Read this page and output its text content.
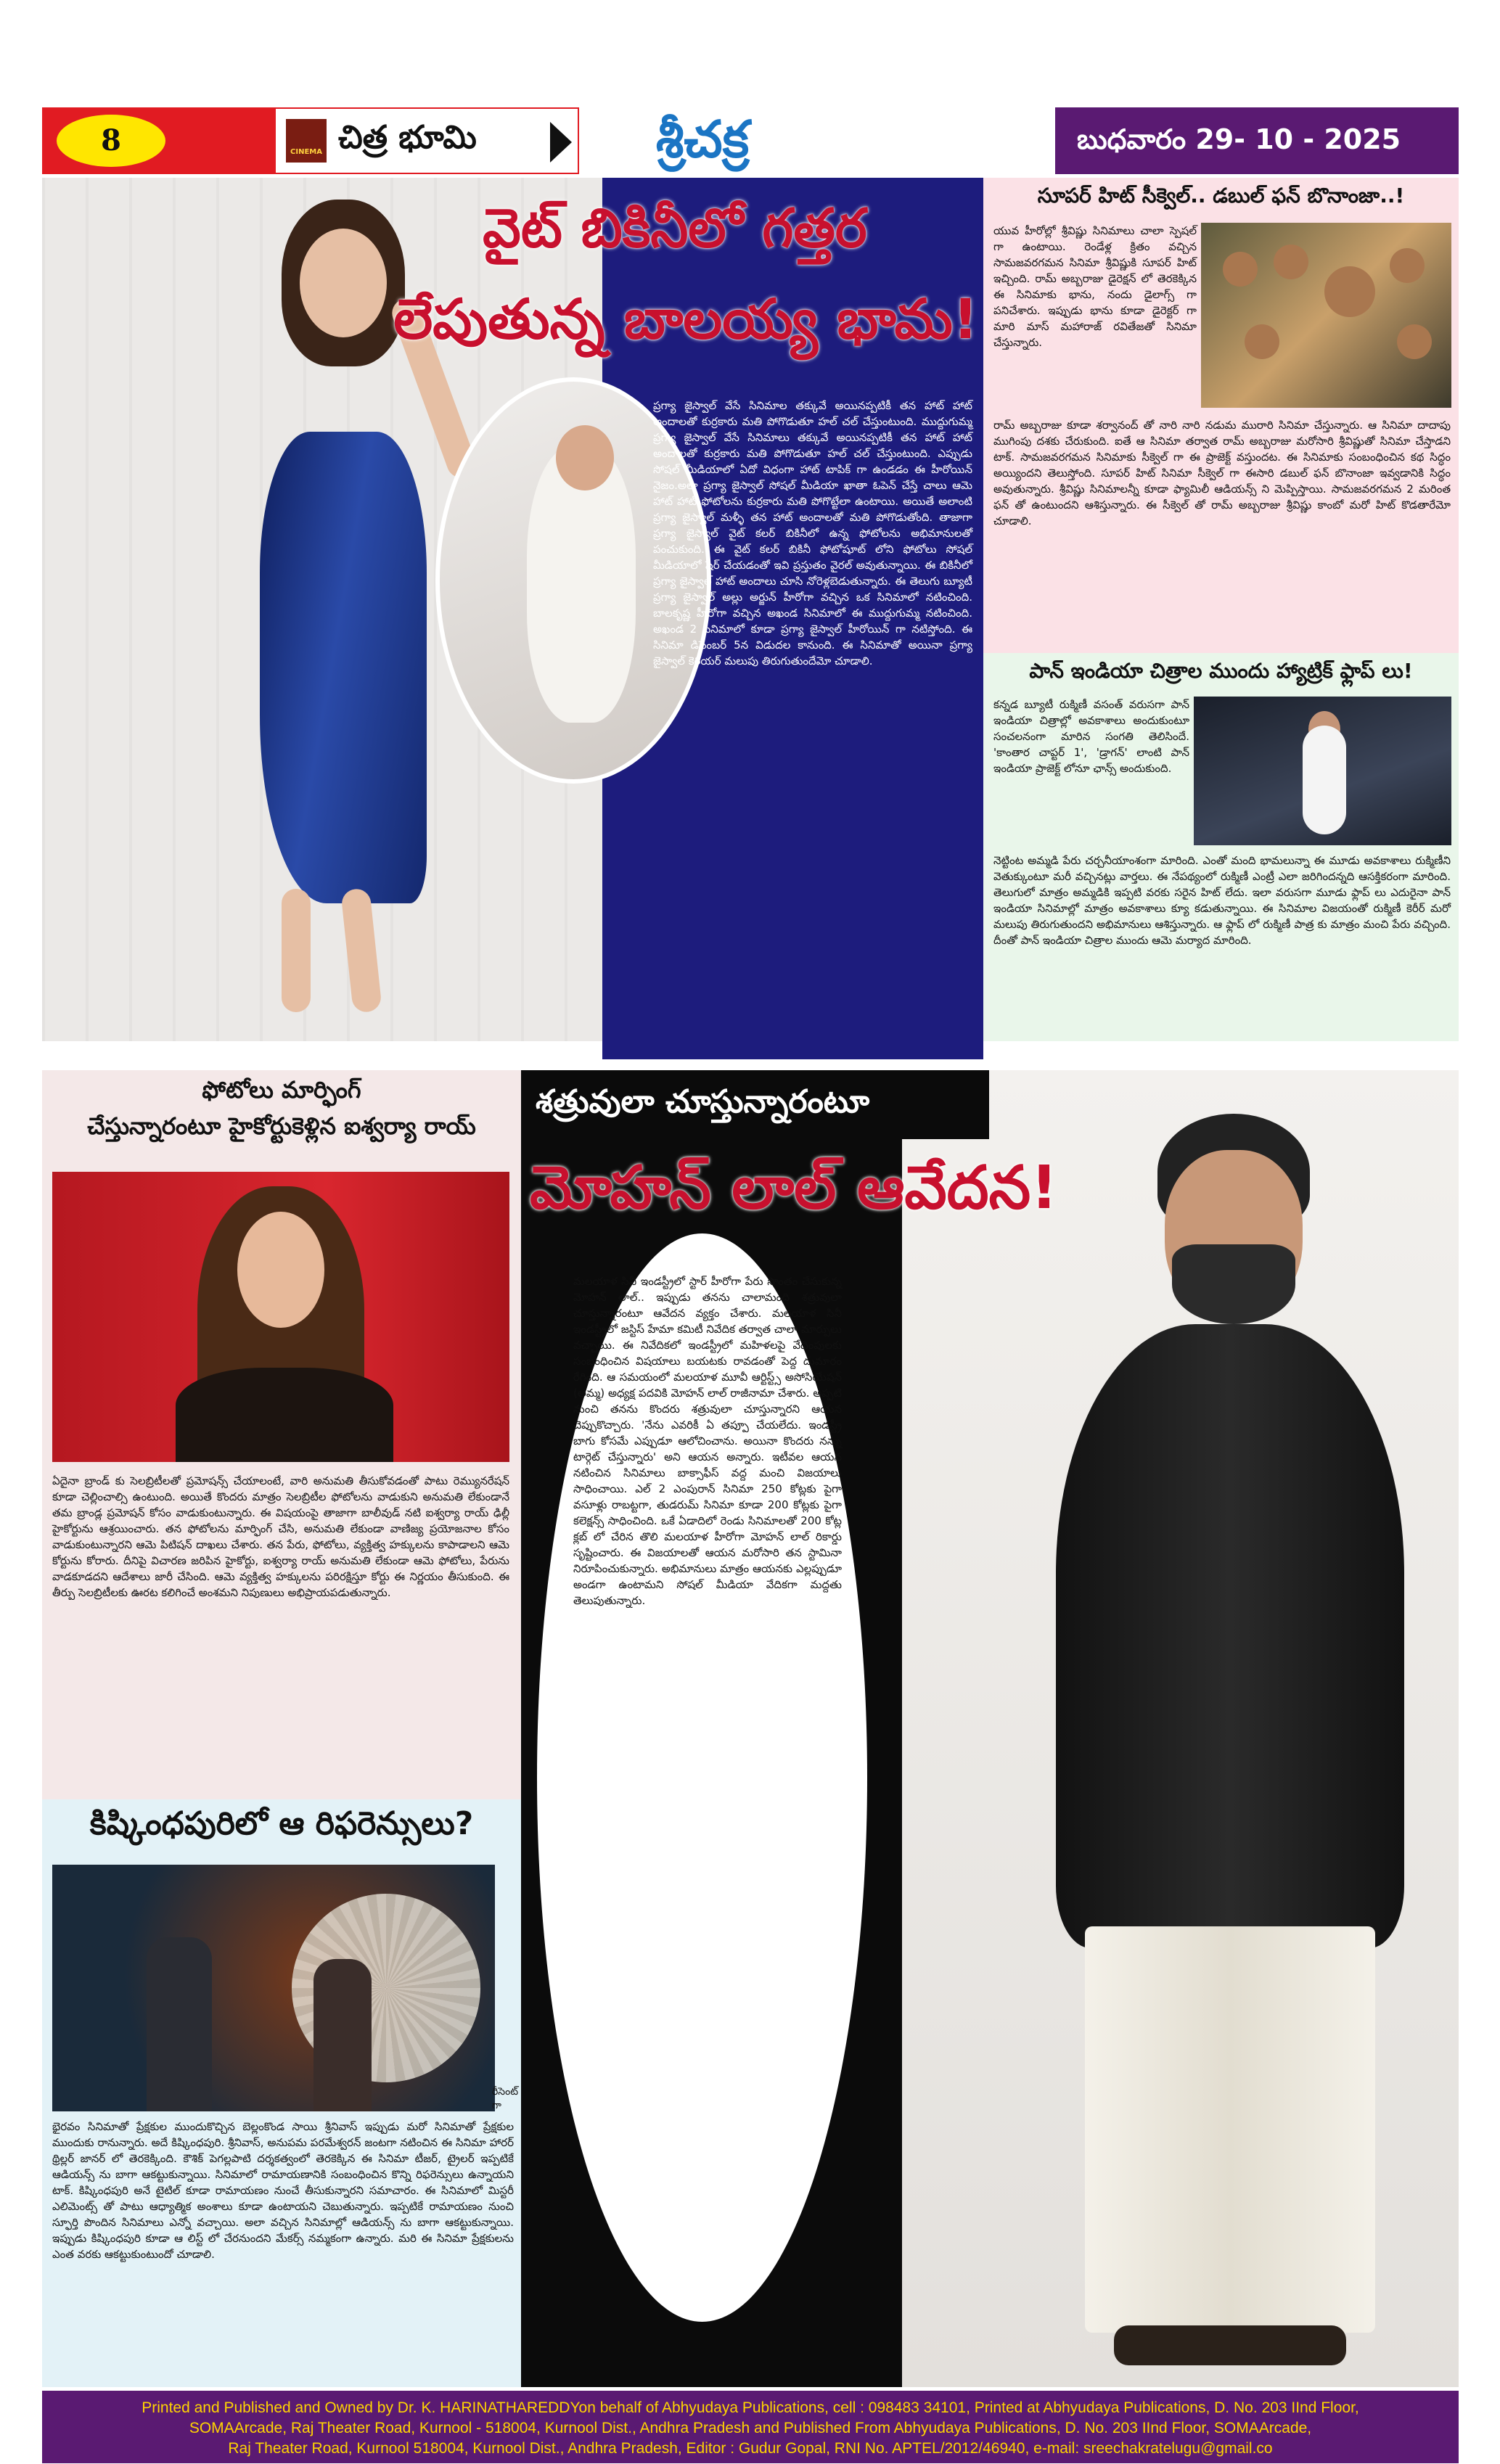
8	CINEMA చిత్ర భూమి	శ్రీచక్ర	బుధవారం 29- 10 - 2025
వైట్ బికినీలో గత్తర
లేపుతున్న బాలయ్య భామ!
ప్రగ్యా జైస్వాల్ వేసే సినిమాల తక్కువే అయినప్పటికీ తన హాట్ హాట్ అందాలతో కుర్రకారు మతి పోగొడుతూ హల్ చల్ చేస్తుంటుంది. ముద్దుగుమ్మ ప్రగ్యా జైస్వాల్ వేసే సినిమాలు తక్కువే అయినప్పటికీ తన హాట్ హాట్ అందాలతో కుర్రకారు మతి పోగొడుతూ హల్ చల్ చేస్తుంటుంది. ఎప్పుడు సోషల్ మీడియాలో ఏదో విధంగా హాట్ టాపిక్ గా ఉండడం ఈ హీరోయిన్ నైజం.అలా ప్రగ్యా జైస్వాల్ సోషల్ మీడియా ఖాతా ఓపెన్ చేస్తే చాలు ఆమె హాట్ హాట్ ఫోటోలను కుర్రకారు మతి పోగొట్టేలా ఉంటాయి. అయితే అలాంటి ప్రగ్యా జైస్వాల్ మళ్ళీ తన హాట్ అందాలతో మతి పోగొడుతోంది. తాజాగా ప్రగ్యా జైస్వాల్ వైట్ కలర్ బికినీలో ఉన్న ఫోటోలను అభిమానులతో పంచుకుంది. ఈ వైట్ కలర్ బికినీ ఫోటోషూట్ లోని ఫోటోలు సోషల్ మీడియాలో షేర్ చేయడంతో ఇవి ప్రస్తుతం వైరల్ అవుతున్నాయి. ఈ బికినీలో ప్రగ్యా జైస్వాల్ హాట్ అందాలు చూసి నోరెళ్లబెడుతున్నారు. ఈ తెలుగు బ్యూటీ ప్రగ్యా జైస్వాల్ అల్లు అర్జున్ హీరోగా వచ్చిన ఒక సినిమాలో నటించింది. బాలకృష్ణ హీరోగా వచ్చిన అఖండ సినిమాలో ఈ ముద్దుగుమ్మ నటించింది. అఖండ 2 సినిమాలో కూడా ప్రగ్యా జైస్వాల్ హీరోయిన్ గా నటిస్తోంది. ఈ సినిమా డిసెంబర్ 5న విడుదల కానుంది. ఈ సినిమాతో అయినా ప్రగ్యా జైస్వాల్ కెరియర్ మలుపు తిరుగుతుందేమో చూడాలి.
సూపర్ హిట్ సీక్వెల్.. డబుల్ ఫన్ బొనాంజా..!
యువ హీరోల్లో శ్రీవిష్ణు సినిమాలు చాలా స్పెషల్ గా ఉంటాయి. రెండేళ్ల క్రితం వచ్చిన సామజవరగమన సినిమా శ్రీవిష్ణుకి సూపర్ హిట్ ఇచ్చింది. రామ్ అబ్బరాజు డైరెక్షన్ లో తెరకెక్కిన ఈ సినిమాకు భాను, నందు డైలాగ్స్ గా పనిచేశారు. ఇప్పుడు భాను కూడా డైరెక్టర్ గా మారి మాస్ మహారాజ్ రవితేజతో సినిమా చేస్తున్నారు.
రామ్ అబ్బరాజు కూడా శర్వానంద్ తో నారి నారి నడుమ మురారి సినిమా చేస్తున్నారు. ఆ సినిమా దాదాపు ముగింపు దశకు చేరుకుంది. ఐతే ఆ సినిమా తర్వాత రామ్ అబ్బరాజు మరోసారి శ్రీవిష్ణుతో సినిమా చేస్తాడని టాక్. సామజవరగమన సినిమాకు సీక్వెల్ గా ఈ ప్రాజెక్ట్ వస్తుందట. ఈ సినిమాకు సంబంధించిన కథ సిద్ధం అయ్యిందని తెలుస్తోంది. సూపర్ హిట్ సినిమా సీక్వెల్ గా ఈసారి డబుల్ ఫన్ బొనాంజా ఇవ్వడానికి సిద్ధం అవుతున్నారు. శ్రీవిష్ణు సినిమాలన్నీ కూడా ఫ్యామిలీ ఆడియన్స్ ని మెప్పిస్తాయి. సామజవరగమన 2 మరింత ఫన్ తో ఉంటుందని ఆశిస్తున్నారు. ఈ సీక్వెల్ తో రామ్ అబ్బరాజు శ్రీవిష్ణు కాంబో మరో హిట్ కొడతారేమో చూడాలి.
పాన్ ఇండియా చిత్రాల ముందు హ్యాట్రిక్ ఫ్లాప్ లు!
కన్నడ బ్యూటీ రుక్మిణీ వసంత్ వరుసగా పాన్ ఇండియా చిత్రాల్లో అవకాశాలు అందుకుంటూ సంచలనంగా మారిన సంగతి తెలిసిందే. 'కాంతార చాప్టర్ 1', 'డ్రాగన్' లాంటి పాన్ ఇండియా ప్రాజెక్ట్ లోనూ ఛాన్స్ అందుకుంది.
నెట్టింట అమ్మడి పేరు చర్చనీయాంశంగా మారింది. ఎంతో మంది భామలున్నా ఈ మూడు అవకాశాలు రుక్మిణీని వెతుక్కుంటూ మరీ వచ్చినట్లు వార్తలు. ఈ నేపథ్యంలో రుక్మిణీ ఎంట్రీ ఎలా జరిగిందన్నది ఆసక్తికరంగా మారింది. తెలుగులో మాత్రం అమ్మడికి ఇప్పటి వరకు సరైన హిట్ లేదు. ఇలా వరుసగా మూడు ఫ్లాప్ లు ఎదురైనా పాన్ ఇండియా సినిమాల్లో మాత్రం అవకాశాలు క్యూ కడుతున్నాయి. ఈ సినిమాల విజయంతో రుక్మిణీ కెరీర్ మరో మలుపు తిరుగుతుందని అభిమానులు ఆశిస్తున్నారు. ఆ ఫ్లాప్ లో రుక్మిణీ పాత్ర కు మాత్రం మంచి పేరు వచ్చింది. దీంతో పాన్ ఇండియా చిత్రాల ముందు ఆమె మర్యాద మారింది.
ఫోటోలు మార్ఫింగ్
చేస్తున్నారంటూ హైకోర్టుకెళ్లిన ఐశ్వర్యా రాయ్
ఏదైనా బ్రాండ్ కు సెలబ్రిటీలతో ప్రమోషన్స్ చేయాలంటే, వారి అనుమతి తీసుకోవడంతో పాటు రెమ్యునరేషన్ కూడా చెల్లించాల్సి ఉంటుంది. అయితే కొందరు మాత్రం సెలబ్రిటీల ఫోటోలను వాడుకుని అనుమతి లేకుండానే తమ బ్రాండ్ల ప్రమోషన్ కోసం వాడుకుంటున్నారు. ఈ విషయంపై తాజాగా బాలీవుడ్ నటి ఐశ్వర్యా రాయ్ ఢిల్లీ హైకోర్టును ఆశ్రయించారు. తన ఫోటోలను మార్ఫింగ్ చేసి, అనుమతి లేకుండా వాణిజ్య ప్రయోజనాల కోసం వాడుకుంటున్నారని ఆమె పిటిషన్ దాఖలు చేశారు. తన పేరు, ఫోటోలు, వ్యక్తిత్వ హక్కులను కాపాడాలని ఆమె కోర్టును కోరారు. దీనిపై విచారణ జరిపిన హైకోర్టు, ఐశ్వర్యా రాయ్ అనుమతి లేకుండా ఆమె ఫోటోలు, పేరును వాడకూడదని ఆదేశాలు జారీ చేసింది. ఆమె వ్యక్తిత్వ హక్కులను పరిరక్షిస్తూ కోర్టు ఈ నిర్ణయం తీసుకుంది. ఈ తీర్పు సెలబ్రిటీలకు ఊరట కలిగించే అంశమని నిపుణులు అభిప్రాయపడుతున్నారు.
కిష్కింధపురిలో ఆ రిఫరెన్సులు?
రీసెంట్ గా
భైరవం సినిమాతో ప్రేక్షకుల ముందుకొచ్చిన బెల్లంకొండ సాయి శ్రీనివాస్ ఇప్పుడు మరో సినిమాతో ప్రేక్షకుల ముందుకు రానున్నారు. అదే కిష్కింధపురి. శ్రీనివాస్, అనుపమ పరమేశ్వరన్ జంటగా నటించిన ఈ సినిమా హారర్ థ్రిల్లర్ జానర్ లో తెరకెక్కింది. కౌశిక్ పెగల్లపాటి దర్శకత్వంలో తెరకెక్కిన ఈ సినిమా టీజర్, ట్రైలర్ ఇప్పటికే ఆడియన్స్ ను బాగా ఆకట్టుకున్నాయి. సినిమాలో రామాయణానికి సంబంధించిన కొన్ని రిఫరెన్సులు ఉన్నాయని టాక్. కిష్కింధపురి అనే టైటిల్ కూడా రామాయణం నుంచే తీసుకున్నారని సమాచారం. ఈ సినిమాలో మిస్టరీ ఎలిమెంట్స్ తో పాటు ఆధ్యాత్మిక అంశాలు కూడా ఉంటాయని చెబుతున్నారు. ఇప్పటికే రామాయణం నుంచి స్ఫూర్తి పొందిన సినిమాలు ఎన్నో వచ్చాయి. అలా వచ్చిన సినిమాల్లో ఆడియన్స్ ను బాగా ఆకట్టుకున్నాయి. ఇప్పుడు కిష్కింధపురి కూడా ఆ లిస్ట్ లో చేరనుందని మేకర్స్ నమ్మకంగా ఉన్నారు. మరి ఈ సినిమా ప్రేక్షకులను ఎంత వరకు ఆకట్టుకుంటుందో చూడాలి.
శత్రువులా చూస్తున్నారంటూ
మోహన్ లాల్ ఆవేదన!
మలయాళ సినీ ఇండస్ట్రీలో స్టార్ హీరోగా పేరు సొంతం చేసుకున్న మోహన్ లాల్.. ఇప్పుడు తనను చాలామంది శత్రువులా చూస్తున్నారంటూ ఆవేదన వ్యక్తం చేశారు. మలయాళ సినీ ఇండస్ట్రీలో జస్టిస్ హేమా కమిటీ నివేదిక తర్వాత చాలా మార్పులు వచ్చాయి. ఈ నివేదికలో ఇండస్ట్రీలో మహిళలపై వేధింపులకు సంబంధించిన విషయాలు బయటకు రావడంతో పెద్ద దుమారం రేగింది. ఆ సమయంలో మలయాళ మూవీ ఆర్టిస్ట్స్ అసోసియేషన్ (అమ్మ) అధ్యక్ష పదవికి మోహన్ లాల్ రాజీనామా చేశారు. అప్పటి నుంచి తనను కొందరు శత్రువులా చూస్తున్నారని ఆయన చెప్పుకొచ్చారు. 'నేను ఎవరికీ ఏ తప్పూ చేయలేదు. ఇండస్ట్రీ బాగు కోసమే ఎప్పుడూ ఆలోచించాను. అయినా కొందరు నన్ను టార్గెట్ చేస్తున్నారు' అని ఆయన అన్నారు. ఇటీవల ఆయన నటించిన సినిమాలు బాక్సాఫీస్ వద్ద మంచి విజయాలు సాధించాయి. ఎల్ 2 ఎంపురాన్ సినిమా 250 కోట్లకు పైగా వసూళ్లు రాబట్టగా, తుడరుమ్ సినిమా కూడా 200 కోట్లకు పైగా కలెక్షన్స్ సాధించింది. ఒకే ఏడాదిలో రెండు సినిమాలతో 200 కోట్ల క్లబ్ లో చేరిన తొలి మలయాళ హీరోగా మోహన్ లాల్ రికార్డు సృష్టించారు. ఈ విజయాలతో ఆయన మరోసారి తన స్టామినా నిరూపించుకున్నారు. అభిమానులు మాత్రం ఆయనకు ఎల్లప్పుడూ అండగా ఉంటామని సోషల్ మీడియా వేదికగా మద్దతు తెలుపుతున్నారు.
Printed and Published and Owned by Dr. K. HARINATHAREDDYon behalf of Abhyudaya Publications, cell : 098483 34101, Printed at Abhyudaya Publications, D. No. 203 IInd Floor,
SOMAArcade, Raj Theater Road, Kurnool - 518004, Kurnool Dist., Andhra Pradesh and Published From Abhyudaya Publications, D. No. 203 IInd Floor, SOMAArcade,
Raj Theater Road, Kurnool 518004, Kurnool Dist., Andhra Pradesh, Editor : Gudur Gopal, RNI No. APTEL/2012/46940, e-mail: sreechakratelugu@gmail.co
